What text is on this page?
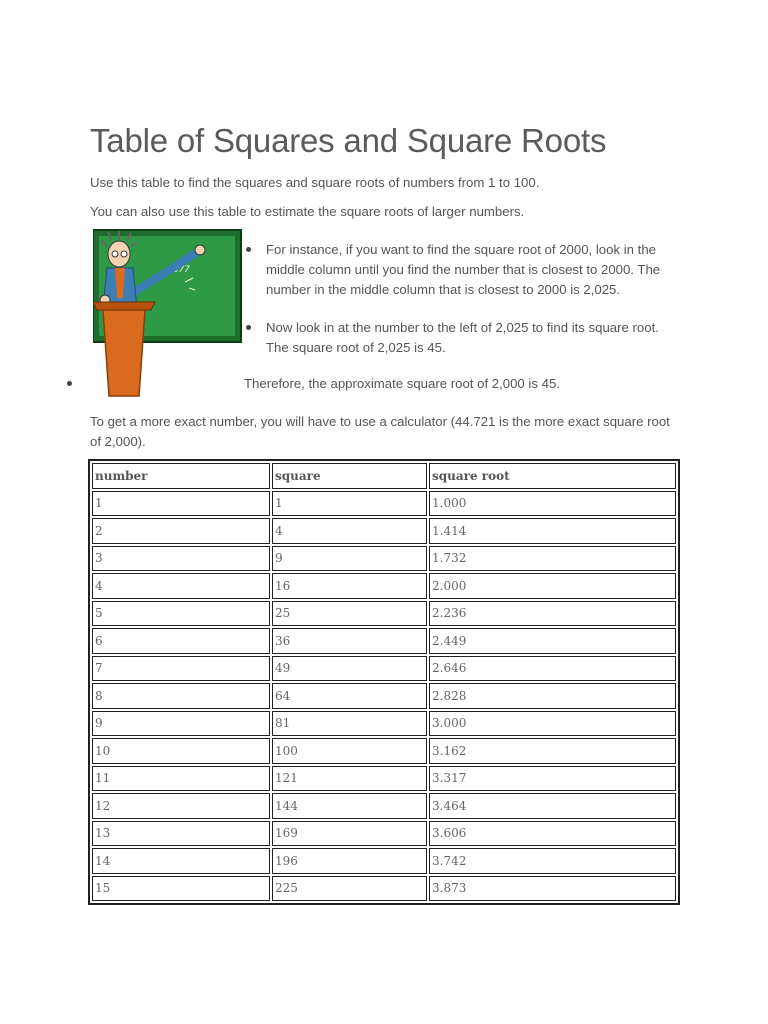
Table of Squares and Square Roots

Use this table to find the squares and square roots of numbers from 1 to 100.

You can also use this table to estimate the square roots of larger numbers.

√677
For instance, if you want to find the square root of 2000, look in the middle column until you find the number that is closest to 2000. The number in the middle column that is closest to 2000 is 2,025.
Now look in at the number to the left of 2,025 to find its square root. The square root of 2,025 is 45.

Therefore, the approximate square root of 2,000 is 45.

To get a more exact number, you will have to use a calculator (44.721 is the more exact square root of 2,000).

number	square	square root
1	1	1.000
2	4	1.414
3	9	1.732
4	16	2.000
5	25	2.236
6	36	2.449
7	49	2.646
8	64	2.828
9	81	3.000
10	100	3.162
11	121	3.317
12	144	3.464
13	169	3.606
14	196	3.742
15	225	3.873
